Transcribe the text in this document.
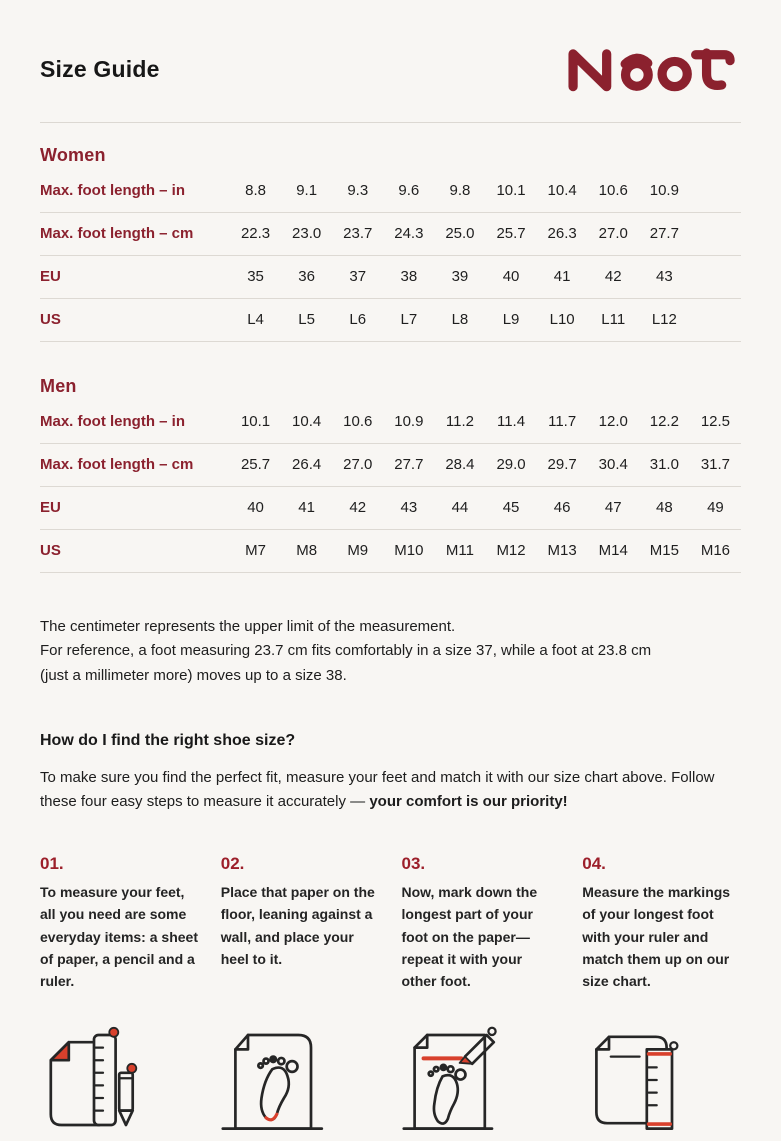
Size Guide
Women
Max. foot length – in	8.8	9.1	9.3	9.6	9.8	10.1	10.4	10.6	10.9
Max. foot length – cm	22.3	23.0	23.7	24.3	25.0	25.7	26.3	27.0	27.7
EU	35	36	37	38	39	40	41	42	43
US	L4	L5	L6	L7	L8	L9	L10	L11	L12
Men
Max. foot length – in	10.1	10.4	10.6	10.9	11.2	11.4	11.7	12.0	12.2	12.5
Max. foot length – cm	25.7	26.4	27.0	27.7	28.4	29.0	29.7	30.4	31.0	31.7
EU	40	41	42	43	44	45	46	47	48	49
US	M7	M8	M9	M10	M11	M12	M13	M14	M15	M16
The centimeter represents the upper limit of the measurement.
For reference, a foot measuring 23.7 cm fits comfortably in a size 37, while a foot at 23.8 cm
(just a millimeter more) moves up to a size 38.
How do I find the right shoe size?
To make sure you find the perfect fit, measure your feet and match it with our size chart above. Follow these four easy steps to measure it accurately — your comfort is our priority!
01.
To measure your feet, all you need are some everyday items: a sheet of paper, a pencil and a ruler.
02.
Place that paper on the floor, leaning against a wall, and place your heel to it.
03.
Now, mark down the longest part of your foot on the paper—repeat it with your other foot.
04.
Measure the markings of your longest foot with your ruler and match them up on our size chart.
